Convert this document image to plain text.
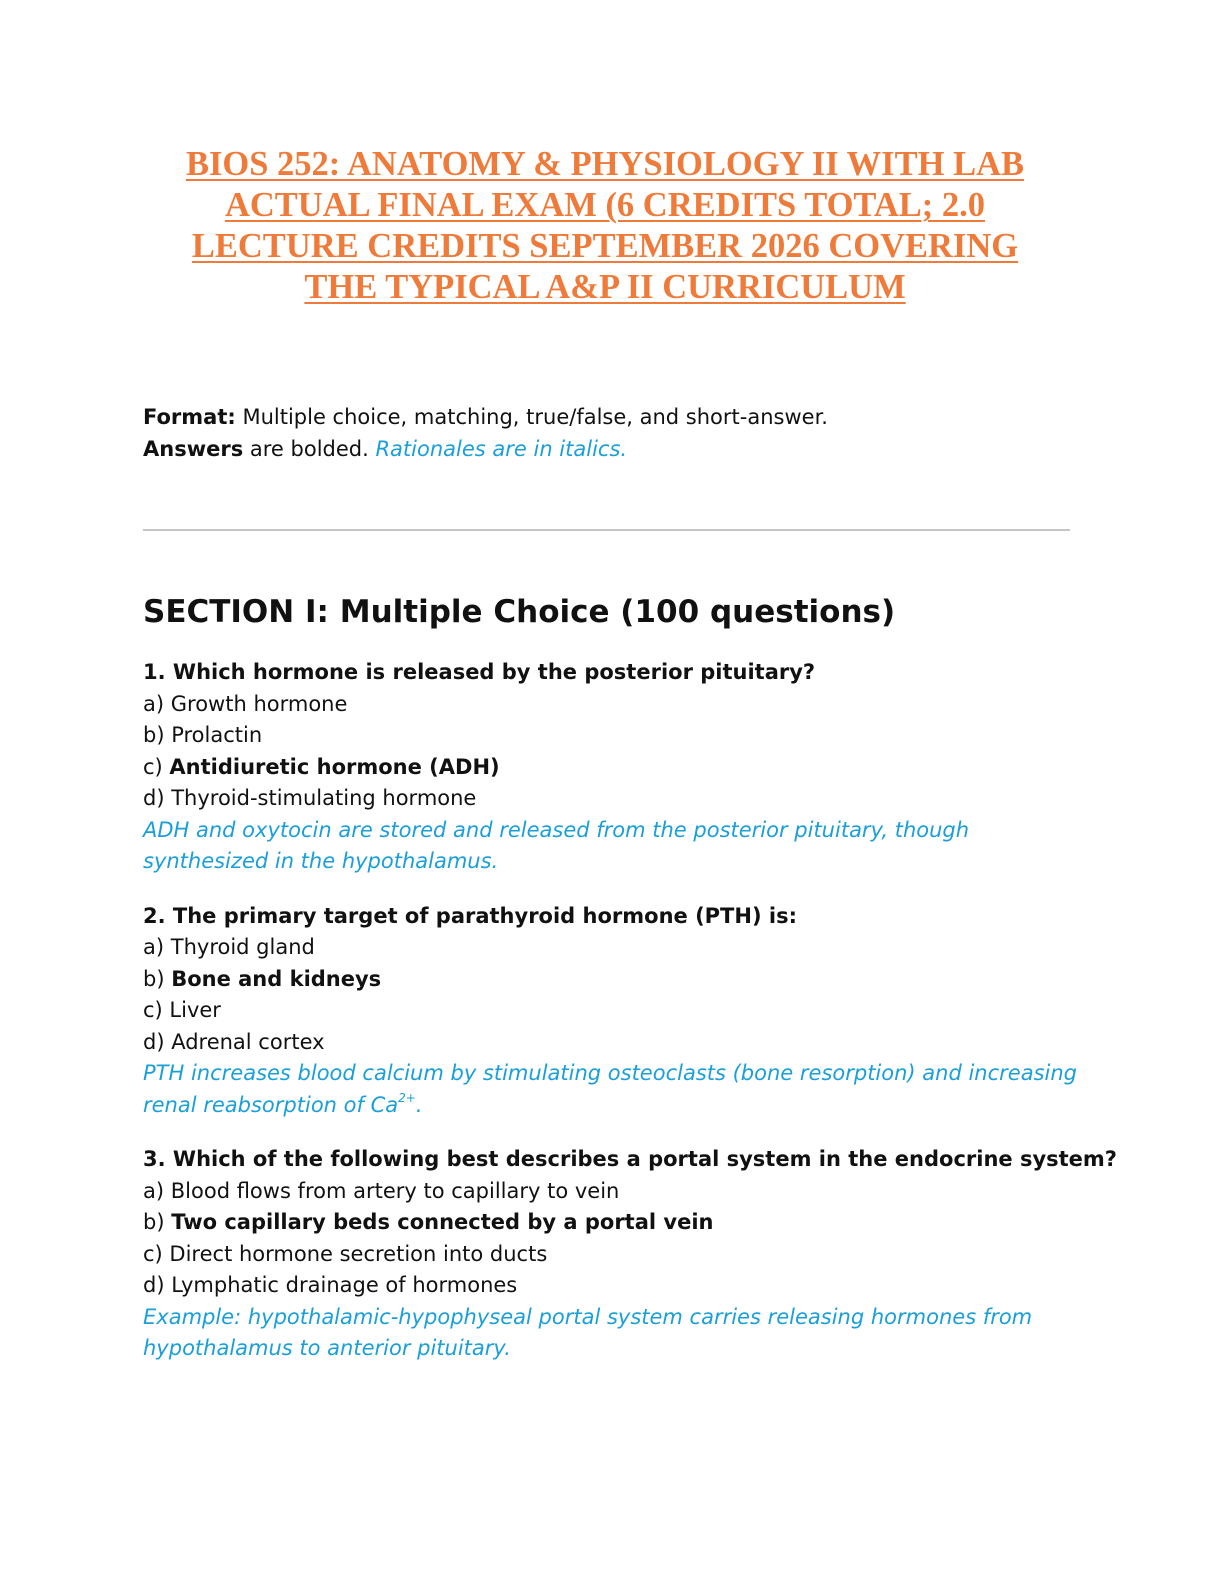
BIOS 252: ANATOMY & PHYSIOLOGY II WITH LAB
ACTUAL FINAL EXAM (6 CREDITS TOTAL; 2.0
LECTURE CREDITS SEPTEMBER 2026 COVERING
THE TYPICAL A&P II CURRICULUM
Format: Multiple choice, matching, true/false, and short-answer.
Answers are bolded. Rationales are in italics.
SECTION I: Multiple Choice (100 questions)
1. Which hormone is released by the posterior pituitary?
a) Growth hormone
b) Prolactin
c) Antidiuretic hormone (ADH)
d) Thyroid-stimulating hormone
ADH and oxytocin are stored and released from the posterior pituitary, though synthesized in the hypothalamus.
2. The primary target of parathyroid hormone (PTH) is:
a) Thyroid gland
b) Bone and kidneys
c) Liver
d) Adrenal cortex
PTH increases blood calcium by stimulating osteoclasts (bone resorption) and increasing renal reabsorption of $Ca^{2+}$.
3. Which of the following best describes a portal system in the endocrine system?
a) Blood flows from artery to capillary to vein
b) Two capillary beds connected by a portal vein
c) Direct hormone secretion into ducts
d) Lymphatic drainage of hormones
Example: hypothalamic-hypophyseal portal system carries releasing hormones from hypothalamus to anterior pituitary.
